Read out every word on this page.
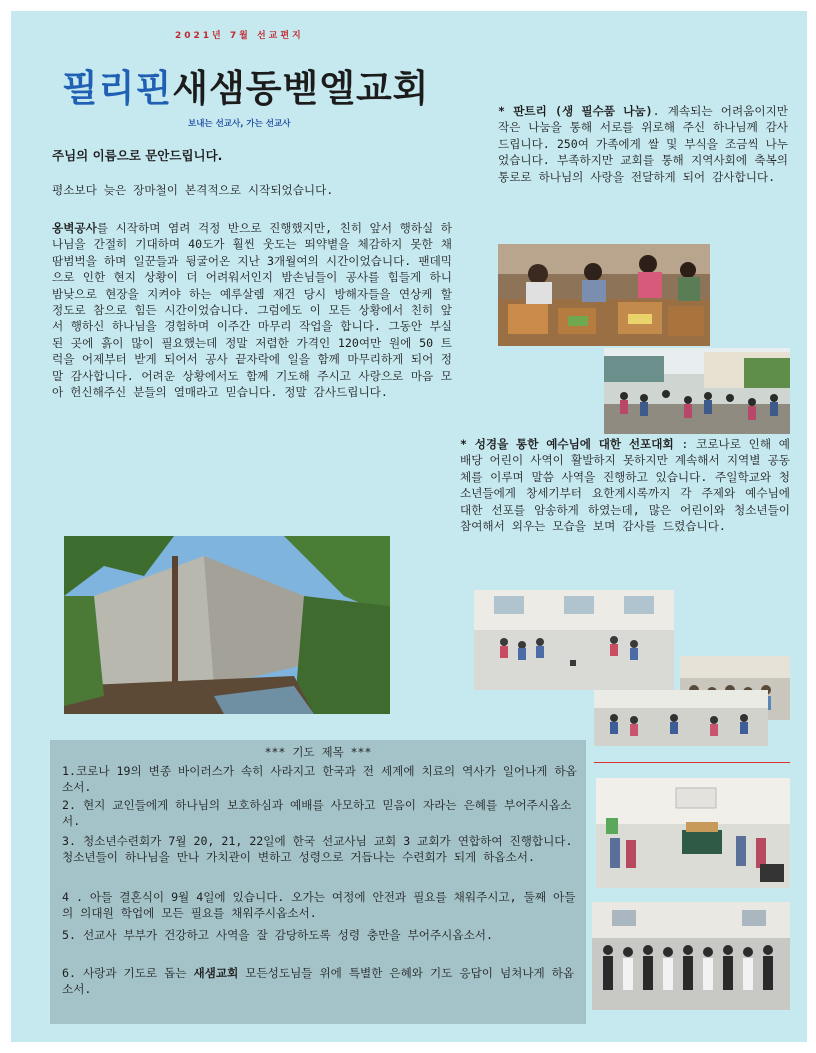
2021년 7월 선교편지
필리핀새샘동벧엘교회
보내는 선교사, 가는 선교사
주님의 이름으로 문안드립니다.
평소보다 늦은 장마철이 본격적으로 시작되었습니다.
옹벽공사를 시작하며 염려 걱정 반으로 진행했지만, 친히 앞서 행하실 하나님을 간절히 기대하며 40도가 훨씬 웃도는 뙤약볕을 체감하지 못한 채 땀범벅을 하며 일꾼들과 뒹굴어온 지난 3개월여의 시간이었습니다. 팬데믹으로 인한 현지 상황이 더 어려워서인지 밤손님들이 공사를 힘들게 하니 밤낮으로 현장을 지켜야 하는 예루살렘 재건 당시 방해자들을 연상케 할 정도로 참으로 힘든 시간이었습니다. 그럼에도 이 모든 상황에서 친히 앞서 행하신 하나님을 경험하며 이주간 마무리 작업을 합니다. 그동안 부실 된 곳에 흙이 많이 필요했는데 정말 저렴한 가격인 120여만 원에 50 트럭을 어제부터 받게 되어서 공사 끝자락에 일을 함께 마무리하게 되어 정말 감사합니다. 어려운 상황에서도 함께 기도해 주시고 사랑으로 마음 모아 헌신해주신 분들의 열매라고 믿습니다. 정말 감사드립니다.
* 판트리 (생 필수품 나눔). 계속되는 어려움이지만 작은 나눔을 통해 서로를 위로해 주신 하나님께 감사드립니다. 250여 가족에게 쌀 및 부식을 조금씩 나누었습니다. 부족하지만 교회를 통해 지역사회에 축복의 통로로 하나님의 사랑을 전달하게 되어 감사합니다.
* 성경을 통한 예수님에 대한 선포대회 : 코로나로 인해 예배당 어린이 사역이 활발하지 못하지만 계속해서 지역별 공동체를 이루며 말씀 사역을 진행하고 있습니다. 주일학교와 청소년들에게 창세기부터 요한계시록까지 각 주제와 예수님에 대한 선포를 암송하게 하였는데, 많은 어린이와 청소년들이 참여해서 외우는 모습을 보며 감사를 드렸습니다.
*** 기도 제목 ***
1.코로나 19의 변종 바이러스가 속히 사라지고 한국과 전 세계에 치료의 역사가 일어나게 하옵소서.
2. 현지 교인들에게 하나님의 보호하심과 예배를 사모하고 믿음이 자라는 은혜를 부어주시옵소서.
3. 청소년수련회가 7월 20, 21, 22일에 한국 선교사님 교회 3 교회가 연합하여 진행합니다. 청소년들이 하나님을 만나 가치관이 변하고 성령으로 거듭나는 수련회가 되게 하옵소서.
4 . 아들 결혼식이 9월 4일에 있습니다. 오가는 여정에 안전과 필요를 채워주시고, 둘째 아들의 의대원 학업에 모든 필요를 채워주시옵소서.
5. 선교사 부부가 건강하고 사역을 잘 감당하도록 성령 충만을 부어주시옵소서.
6. 사랑과 기도로 돕는 새샘교회 모든성도님들 위에 특별한 은혜와 기도 응답이 넘쳐나게 하옵소서.
